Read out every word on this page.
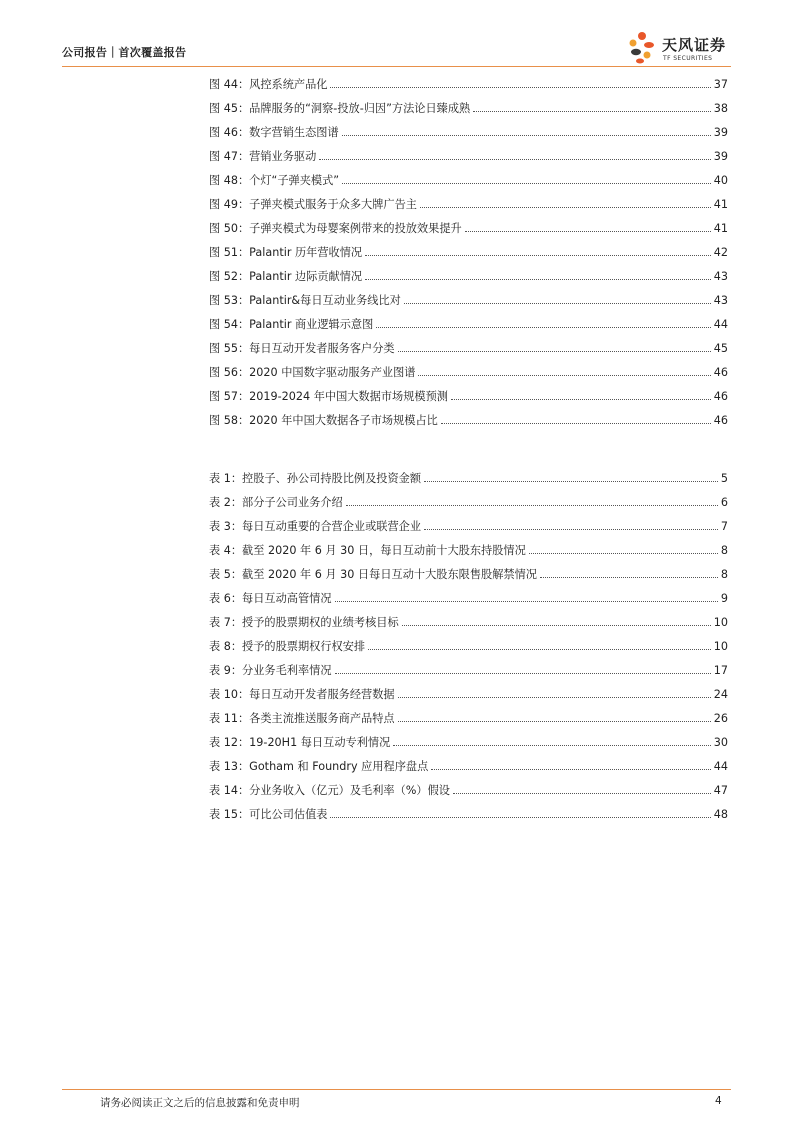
公司报告｜首次覆盖报告	天风证券
TF SECURITIES
图 44：风控系统产品化	37
图 45：品牌服务的“洞察-投放-归因”方法论日臻成熟	38
图 46：数字营销生态图谱	39
图 47：营销业务驱动	39
图 48：个灯“子弹夹模式”	40
图 49：子弹夹模式服务于众多大牌广告主	41
图 50：子弹夹模式为母婴案例带来的投放效果提升	41
图 51：Palantir 历年营收情况	42
图 52：Palantir 边际贡献情况	43
图 53：Palantir&每日互动业务线比对	43
图 54：Palantir 商业逻辑示意图	44
图 55：每日互动开发者服务客户分类	45
图 56：2020 中国数字驱动服务产业图谱	46
图 57：2019-2024 年中国大数据市场规模预测	46
图 58：2020 年中国大数据各子市场规模占比	46
表 1：控股子、孙公司持股比例及投资金额	5
表 2：部分子公司业务介绍	6
表 3：每日互动重要的合营企业或联营企业	7
表 4：截至 2020 年 6 月 30 日，每日互动前十大股东持股情况	8
表 5：截至 2020 年 6 月 30 日每日互动十大股东限售股解禁情况	8
表 6：每日互动高管情况	9
表 7：授予的股票期权的业绩考核目标	10
表 8：授予的股票期权行权安排	10
表 9：分业务毛利率情况	17
表 10：每日互动开发者服务经营数据	24
表 11：各类主流推送服务商产品特点	26
表 12：19-20H1 每日互动专利情况	30
表 13：Gotham 和 Foundry 应用程序盘点	44
表 14：分业务收入（亿元）及毛利率（%）假设	47
表 15：可比公司估值表	48
请务必阅读正文之后的信息披露和免责申明	4
